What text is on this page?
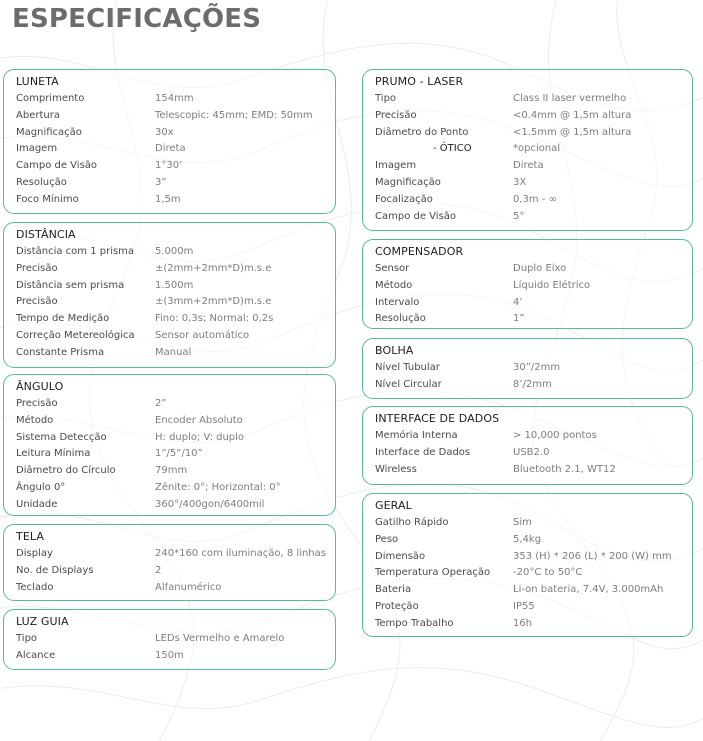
ESPECIFICAÇÕES
LUNETA
Comprimento	154mm
Abertura	Telescopic: 45mm; EMD: 50mm
Magnificação	30x
Imagem	Direta
Campo de Visão	1°30’
Resolução	3”
Foco Mínimo	1,5m
DISTÂNCIA
Distância com 1 prisma 5.000m
Precisão	±(2mm+2mm*D)m.s.e
Distância sem prisma	1.500m
Precisão	±(3mm+2mm*D)m.s.e
Tempo de Medição	Fino: 0,3s; Normal: 0,2s
Correção Metereológica Sensor automático
Constante Prisma	Manual
ÂNGULO
Precisão	2”
Método	Encoder Absoluto
Sistema Detecção	H: duplo; V: duplo
Leitura Mínima	1”/5”/10”
Diâmetro do Círculo	79mm
Ângulo 0°	Zênite: 0°; Horizontal: 0°
Unidade	360°/400gon/6400mil
TELA
Display	240*160 com iluminação, 8 linhas
No. de Displays	2
Teclado	Alfanumérico
LUZ GUIA
Tipo	LEDs Vermelho e Amarelo
Alcance	150m
PRUMO - LASER
Tipo	Class II laser vermelho
Precisão	<0.4mm @ 1,5m altura
Diâmetro do Ponto	<1.5mm @ 1,5m altura
- ÓTICO	*opcional
Imagem	Direta
Magnificação	3X
Focalização	0,3m - ∞
Campo de Visão	5°
COMPENSADOR
Sensor	Duplo Eixo
Método	Líquido Elétrico
Intervalo	4’
Resolução	1”
BOLHA
Nível Tubular	30”/2mm
Nível Circular	8’/2mm
INTERFACE DE DADOS
Memória Interna	> 10,000 pontos
Interface de Dados	USB2.0
Wireless	Bluetooth 2.1, WT12
GERAL
Gatilho Rápido	Sim
Peso	5,4kg
Dimensão	353 (H) * 206 (L) * 200 (W) mm
Temperatura Operação -20°C to 50°C
Bateria	Li-on bateria, 7.4V, 3.000mAh
Proteção	IP55
Tempo Trabalho	16h
